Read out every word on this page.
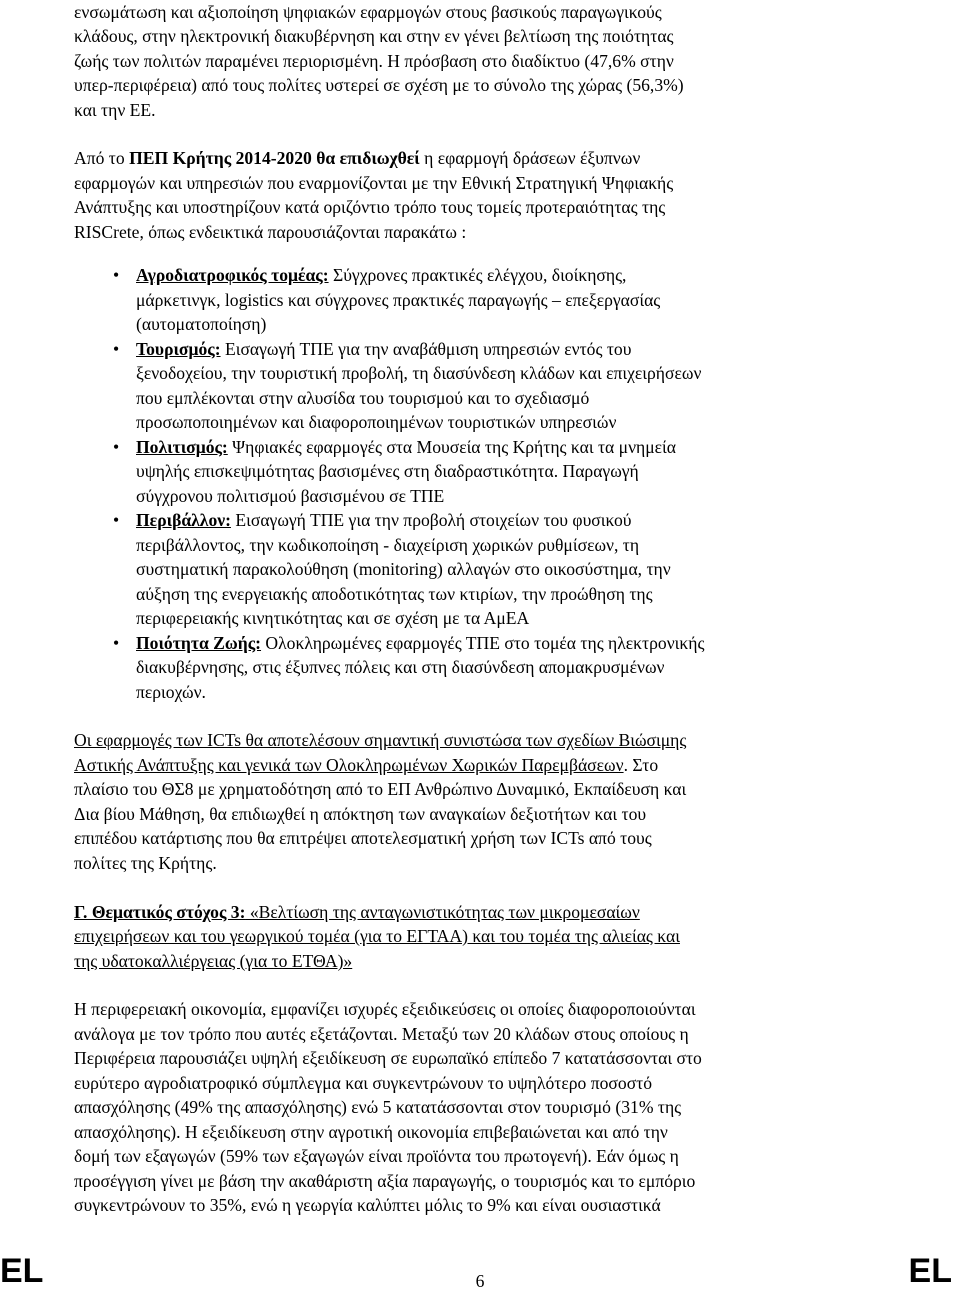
ενσωμάτωση και αξιοποίηση ψηφιακών εφαρμογών στους βασικούς παραγωγικούς
κλάδους, στην ηλεκτρονική διακυβέρνηση και στην εν γένει βελτίωση της ποιότητας
ζωής των πολιτών παραμένει περιορισμένη. Η πρόσβαση στο διαδίκτυο (47,6% στην
υπερ-περιφέρεια) από τους πολίτες υστερεί σε σχέση με το σύνολο της χώρας (56,3%)
και την ΕΕ.
Από το ΠΕΠ Κρήτης 2014-2020 θα επιδιωχθεί η εφαρμογή δράσεων έξυπνων
εφαρμογών και υπηρεσιών που εναρμονίζονται με την Εθνική Στρατηγική Ψηφιακής
Ανάπτυξης και υποστηρίζουν κατά οριζόντιο τρόπο τους τομείς προτεραιότητας της
RISCrete, όπως ενδεικτικά παρουσιάζονται παρακάτω :
• Αγροδιατροφικός τομέας: Σύγχρονες πρακτικές ελέγχου, διοίκησης,
μάρκετινγκ, logistics και σύγχρονες πρακτικές παραγωγής – επεξεργασίας
(αυτοματοποίηση)
• Τουρισμός: Εισαγωγή ΤΠΕ για την αναβάθμιση υπηρεσιών εντός του
ξενοδοχείου, την τουριστική προβολή, τη διασύνδεση κλάδων και επιχειρήσεων
που εμπλέκονται στην αλυσίδα του τουρισμού και το σχεδιασμό
προσωποποιημένων και διαφοροποιημένων τουριστικών υπηρεσιών
• Πολιτισμός: Ψηφιακές εφαρμογές στα Μουσεία της Κρήτης και τα μνημεία
υψηλής επισκεψιμότητας βασισμένες στη διαδραστικότητα. Παραγωγή
σύγχρονου πολιτισμού βασισμένου σε ΤΠΕ
• Περιβάλλον: Εισαγωγή ΤΠΕ για την προβολή στοιχείων του φυσικού
περιβάλλοντος, την κωδικοποίηση - διαχείριση χωρικών ρυθμίσεων, τη
συστηματική παρακολούθηση (monitoring) αλλαγών στο οικοσύστημα, την
αύξηση της ενεργειακής αποδοτικότητας των κτιρίων, την προώθηση της
περιφερειακής κινητικότητας και σε σχέση με τα ΑμΕΑ
• Ποιότητα Ζωής: Ολοκληρωμένες εφαρμογές ΤΠΕ στο τομέα της ηλεκτρονικής
διακυβέρνησης, στις έξυπνες πόλεις και στη διασύνδεση απομακρυσμένων
περιοχών.
Οι εφαρμογές των ICTs θα αποτελέσουν σημαντική συνιστώσα των σχεδίων Βιώσιμης
Αστικής Ανάπτυξης και γενικά των Ολοκληρωμένων Χωρικών Παρεμβάσεων. Στο
πλαίσιο του ΘΣ8 με χρηματοδότηση από το ΕΠ Ανθρώπινο Δυναμικό, Εκπαίδευση και
Δια βίου Μάθηση, θα επιδιωχθεί η απόκτηση των αναγκαίων δεξιοτήτων και του
επιπέδου κατάρτισης που θα επιτρέψει αποτελεσματική χρήση των ICTs από τους
πολίτες της Κρήτης.
Γ. Θεματικός στόχος 3: «Βελτίωση της ανταγωνιστικότητας των μικρομεσαίων
επιχειρήσεων και του γεωργικού τομέα (για το ΕΓΤΑΑ) και του τομέα της αλιείας και
της υδατοκαλλιέργειας (για το ΕΤΘΑ)»
Η περιφερειακή οικονομία, εμφανίζει ισχυρές εξειδικεύσεις οι οποίες διαφοροποιούνται
ανάλογα με τον τρόπο που αυτές εξετάζονται. Μεταξύ των 20 κλάδων στους οποίους η
Περιφέρεια παρουσιάζει υψηλή εξειδίκευση σε ευρωπαϊκό επίπεδο 7 κατατάσσονται στο
ευρύτερο αγροδιατροφικό σύμπλεγμα και συγκεντρώνουν το υψηλότερο ποσοστό
απασχόλησης (49% της απασχόλησης) ενώ 5 κατατάσσονται στον τουρισμό (31% της
απασχόλησης). Η εξειδίκευση στην αγροτική οικονομία επιβεβαιώνεται και από την
δομή των εξαγωγών (59% των εξαγωγών είναι προϊόντα του πρωτογενή). Εάν όμως η
προσέγγιση γίνει με βάση την ακαθάριστη αξία παραγωγής, ο τουρισμός και το εμπόριο
συγκεντρώνουν το 35%, ενώ η γεωργία καλύπτει μόλις το 9% και είναι ουσιαστικά
EL	6	EL
